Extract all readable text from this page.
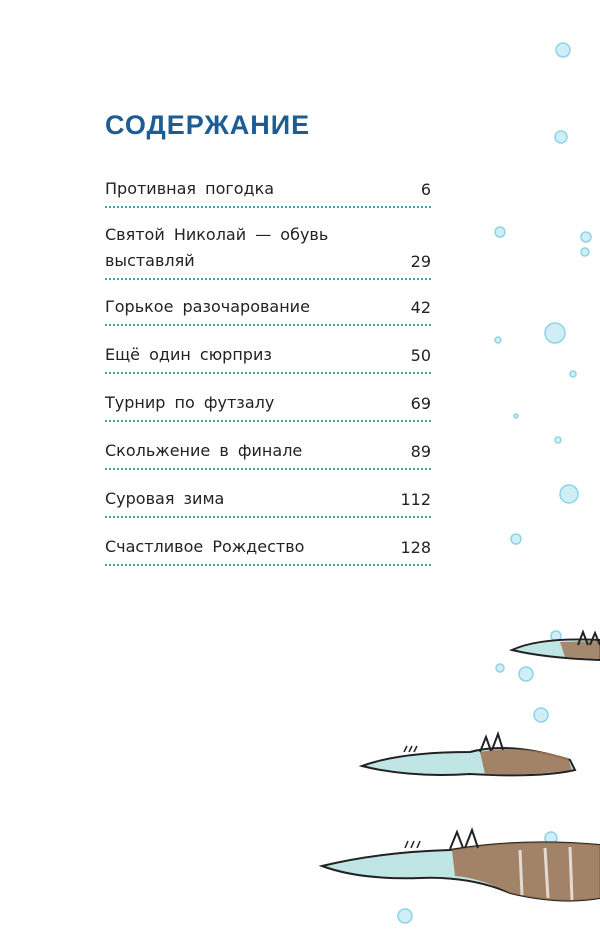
СОДЕРЖАНИЕ
Противная погодка	6
Святой Николай — обувь выставляй	29
Горькое разочарование	42
Ещё один сюрприз	50
Турнир по футзалу	69
Скольжение в финале	89
Суровая зима	112
Счастливое Рождество	128
